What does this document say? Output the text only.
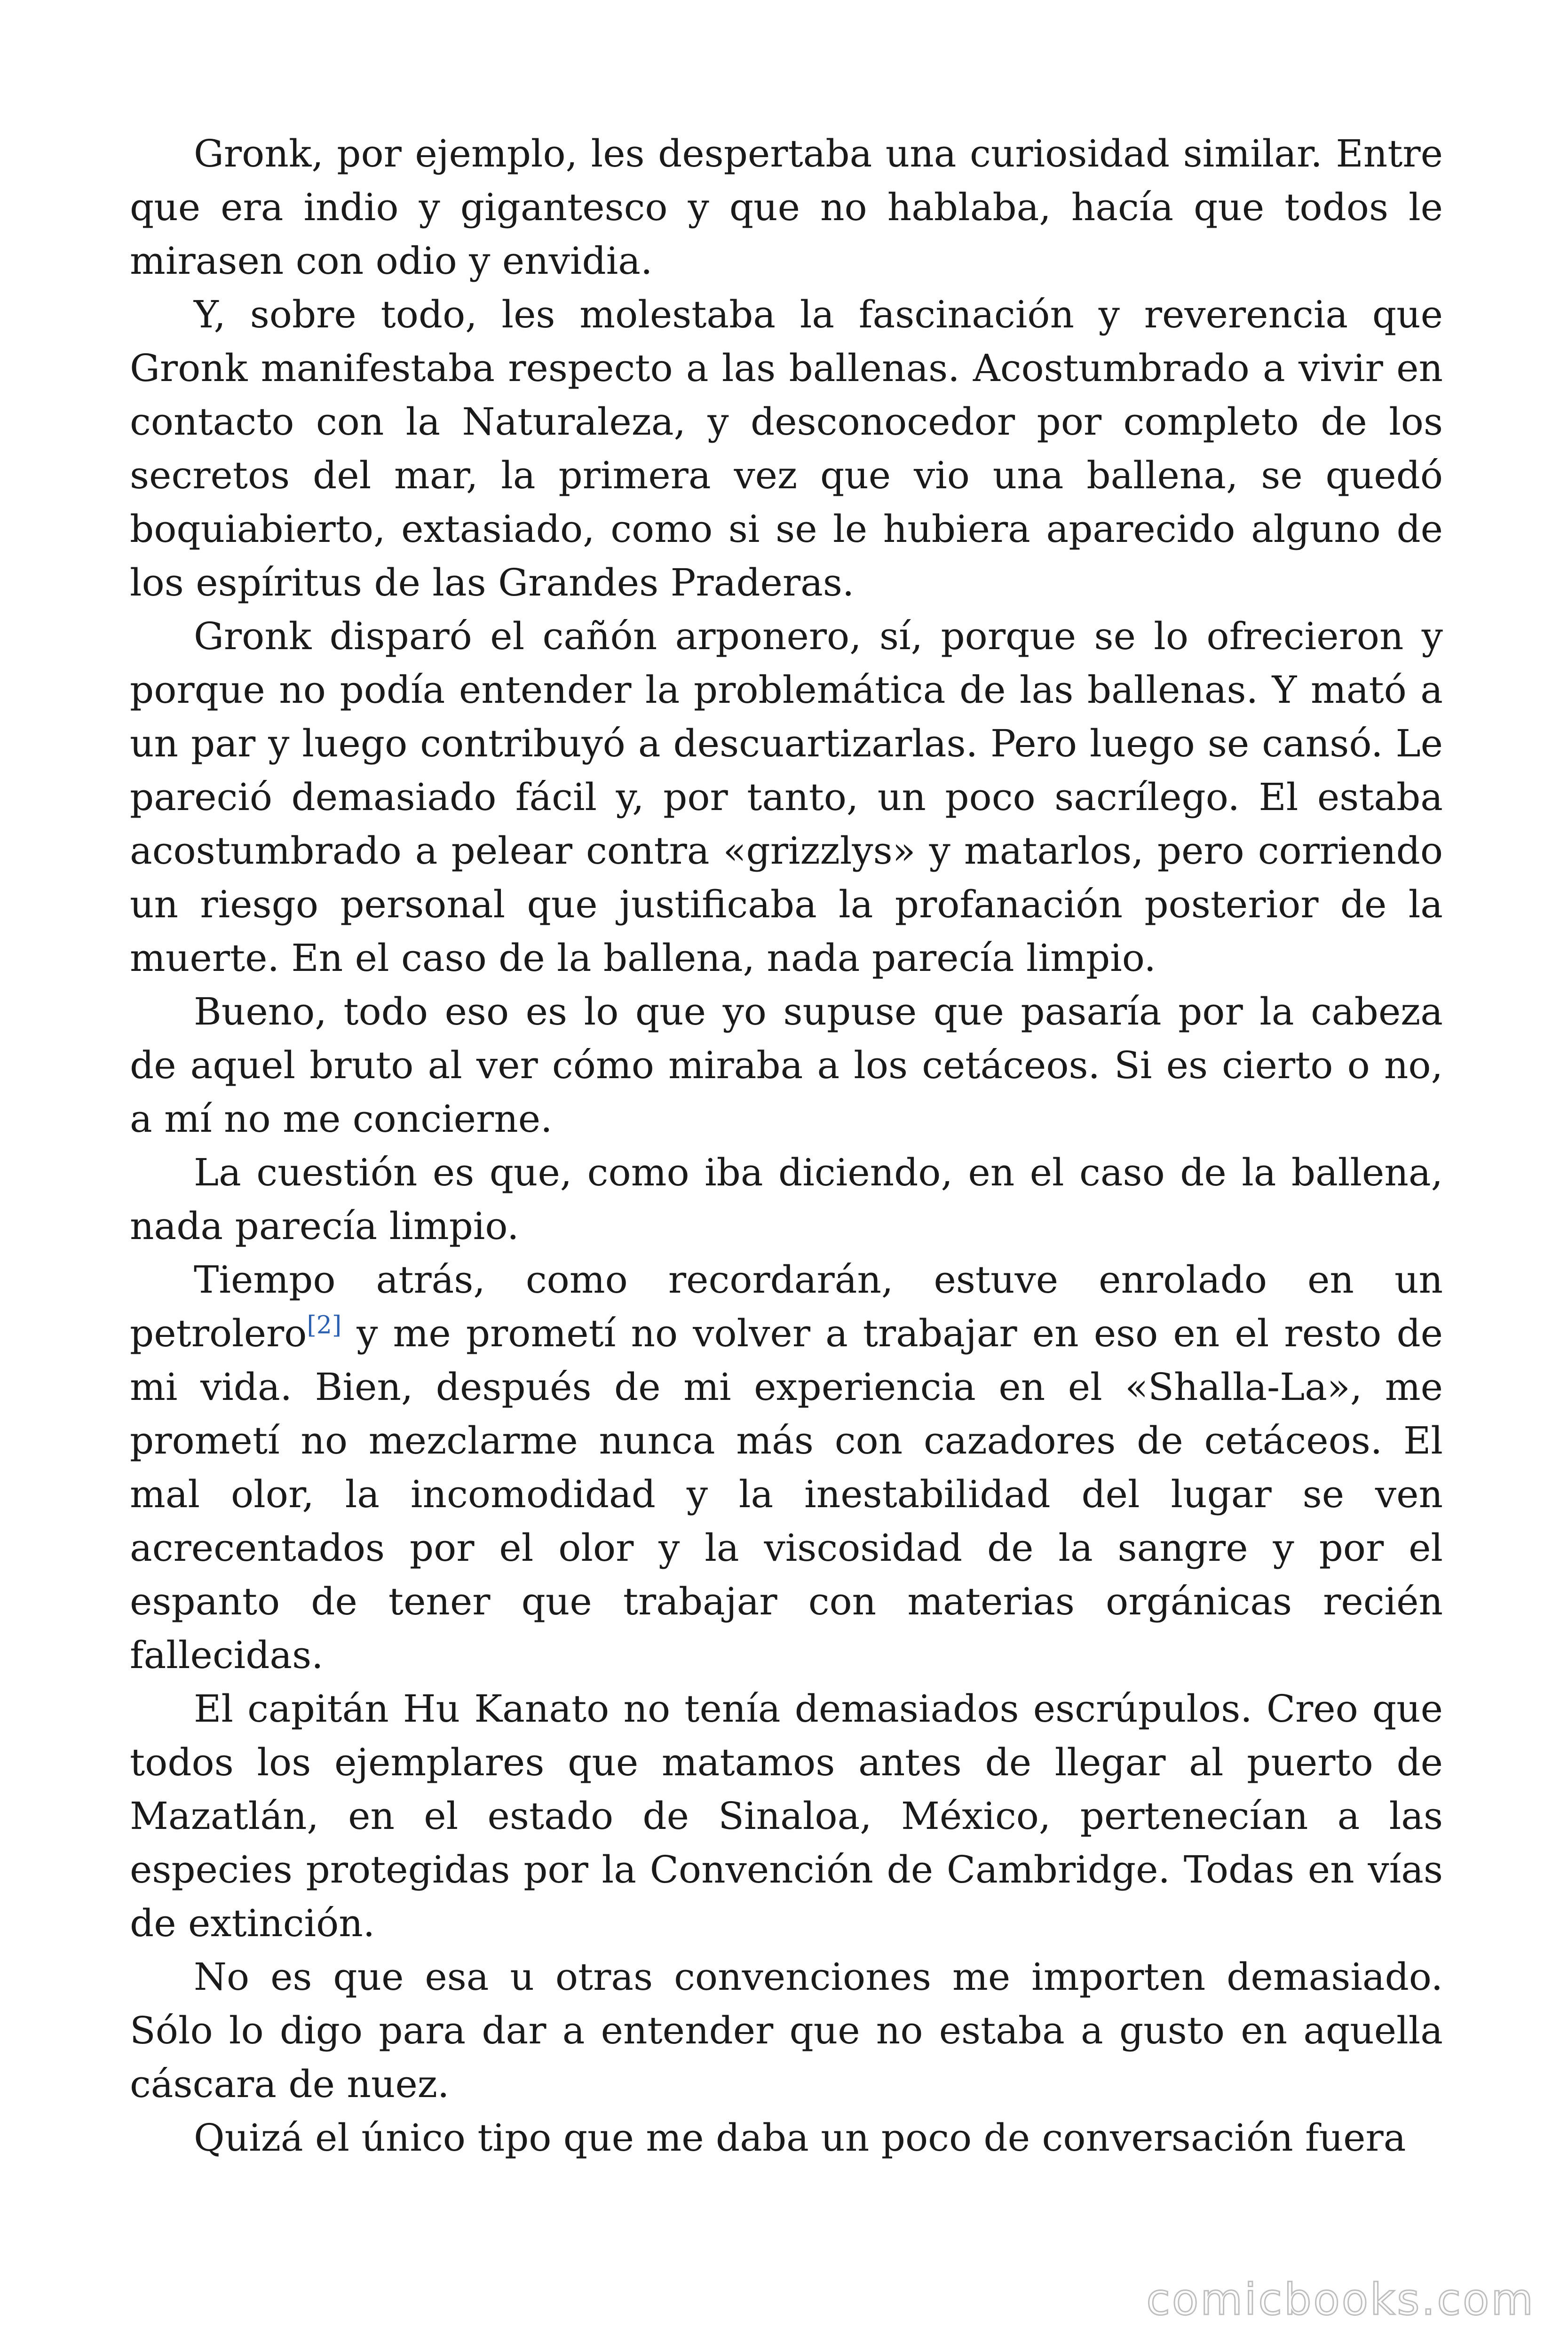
Gronk, por ejemplo, les despertaba una curiosidad similar. Entre que era indio y gigantesco y que no hablaba, hacía que todos le mirasen con odio y envidia.

Y, sobre todo, les molestaba la fascinación y reverencia que Gronk manifestaba respecto a las ballenas. Acostumbrado a vivir en contacto con la Naturaleza, y desconocedor por completo de los secretos del mar, la primera vez que vio una ballena, se quedó boquiabierto, extasiado, como si se le hubiera aparecido alguno de los espíritus de las Grandes Praderas.

Gronk disparó el cañón arponero, sí, porque se lo ofrecieron y porque no podía entender la problemática de las ballenas. Y mató a un par y luego contribuyó a descuartizarlas. Pero luego se cansó. Le pareció demasiado fácil y, por tanto, un poco sacrílego. El estaba acostumbrado a pelear contra «grizzlys» y matarlos, pero corriendo un riesgo personal que justificaba la profanación posterior de la muerte. En el caso de la ballena, nada parecía limpio.

Bueno, todo eso es lo que yo supuse que pasaría por la cabeza de aquel bruto al ver cómo miraba a los cetáceos. Si es cierto o no, a mí no me concierne.

La cuestión es que, como iba diciendo, en el caso de la ballena, nada parecía limpio.

Tiempo atrás, como recordarán, estuve enrolado en un petrolero[2] y me prometí no volver a trabajar en eso en el resto de mi vida. Bien, después de mi experiencia en el «Shalla-La», me prometí no mezclarme nunca más con cazadores de cetáceos. El mal olor, la incomodidad y la inestabilidad del lugar se ven acrecentados por el olor y la viscosidad de la sangre y por el espanto de tener que trabajar con materias orgánicas recién fallecidas.

El capitán Hu Kanato no tenía demasiados escrúpulos. Creo que todos los ejemplares que matamos antes de llegar al puerto de Mazatlán, en el estado de Sinaloa, México, pertenecían a las especies protegidas por la Convención de Cambridge. Todas en vías de extinción.

No es que esa u otras convenciones me importen demasiado. Sólo lo digo para dar a entender que no estaba a gusto en aquella cáscara de nuez.

Quizá el único tipo que me daba un poco de conversación fuera

comicbooks.com
